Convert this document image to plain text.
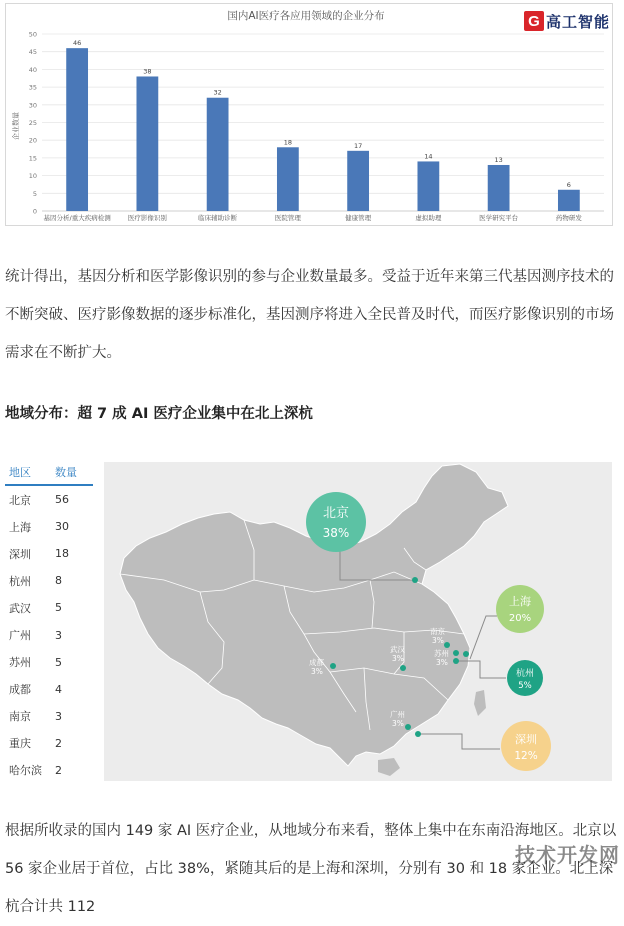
国内AI医疗各应用领域的企业分布
企业数量
0
5
10
15
20
25
30
35
40
45
50
46
基因分析/重大疾病检测
38
医疗影像识别
32
临床辅助诊断
18
医院管理
17
健康管理
14
虚拟助理
13
医学研究平台
6
药物研发
G 高工智能

统计得出，基因分析和医学影像识别的参与企业数量最多。受益于近年来第三代基因测序技术的不断突破、医疗影像数据的逐步标准化，基因测序将进入全民普及时代，而医疗影像识别的市场需求在不断扩大。

地域分布：超 7 成 AI 医疗企业集中在北上深杭
地区	数量
北京	56
上海	30
深圳	18
杭州	8
武汉	5
广州	3
苏州	5
成都	4
南京	3
重庆	2
哈尔滨	2
南京
3%
武汉
3%
苏州
3%
成都
3%
广州
3%
北京
38%
上海
20%
杭州
5%
深圳
12%

根据所收录的国内 149 家 AI 医疗企业，从地域分布来看，整体上集中在东南沿海地区。北京以 56 家企业居于首位，占比 38%，紧随其后的是上海和深圳，分别有 30 和 18 家企业。北上深杭合计共 112

技术开发网
